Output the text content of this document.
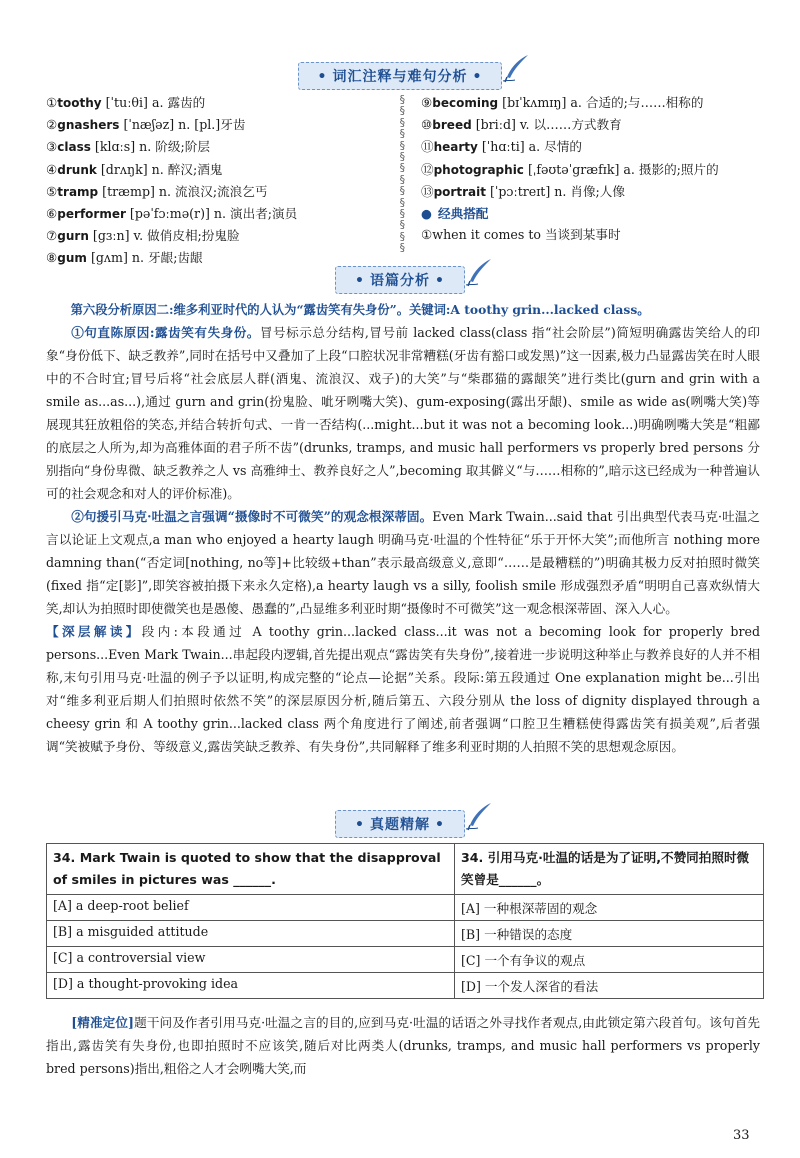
• 词汇注释与难句分析 •
①toothy [ˈtuːθi] a. 露齿的
②gnashers [ˈnæʃəz] n. [pl.]牙齿
③class [klɑːs] n. 阶级;阶层
④drunk [drʌŋk] n. 醉汉;酒鬼
⑤tramp [træmp] n. 流浪汉;流浪乞丐
⑥performer [pəˈfɔːmə(r)] n. 演出者;演员
⑦gurn [gɜːn] v. 做俏皮相;扮鬼脸
⑧gum [gʌm] n. 牙龈;齿龈
§
§
§
§
§
§
§
§
§
§
§
§
§
§
⑨becoming [bɪˈkʌmɪŋ] a. 合适的;与……相称的
⑩breed [briːd] v. 以……方式教育
⑪hearty [ˈhɑːti] a. 尽情的
⑫photographic [ˌfəʊtəˈgræfɪk] a. 摄影的;照片的
⑬portrait [ˈpɔːtreɪt] n. 肖像;人像
● 经典搭配
①when it comes to 当谈到某事时
• 语篇分析 •

第六段分析原因二:维多利亚时代的人认为“露齿笑有失身份”。关键词:A toothy grin...lacked class。

①句直陈原因:露齿笑有失身份。冒号标示总分结构,冒号前 lacked class(class 指“社会阶层”)简短明确露齿笑给人的印象“身份低下、缺乏教养”,同时在括号中又叠加了上段“口腔状况非常糟糕(牙齿有豁口或发黑)”这一因素,极力凸显露齿笑在时人眼中的不合时宜;冒号后将“社会底层人群(酒鬼、流浪汉、戏子)的大笑”与“柴郡猫的露龈笑”进行类比(gurn and grin with a smile as...as...),通过 gurn and grin(扮鬼脸、呲牙咧嘴大笑)、gum-exposing(露出牙龈)、smile as wide as(咧嘴大笑)等展现其狂放粗俗的笑态,并结合转折句式、一肯一否结构(...might...but it was not a becoming look...)明确咧嘴大笑是“粗鄙的底层之人所为,却为高雅体面的君子所不齿”(drunks, tramps, and music hall performers vs properly bred persons 分别指向“身份卑微、缺乏教养之人 vs 高雅绅士、教养良好之人”,becoming 取其僻义“与……相称的”,暗示这已经成为一种普遍认可的社会观念和对人的评价标准)。

②句援引马克·吐温之言强调“摄像时不可微笑”的观念根深蒂固。Even Mark Twain...said that 引出典型代表马克·吐温之言以论证上文观点,a man who enjoyed a hearty laugh 明确马克·吐温的个性特征“乐于开怀大笑”;而他所言 nothing more damning than(“否定词[nothing, no等]+比较级+than”表示最高级意义,意即“……是最糟糕的”)明确其极力反对拍照时微笑(fixed 指“定[影]”,即笑容被拍摄下来永久定格),a hearty laugh vs a silly, foolish smile 形成强烈矛盾“明明自己喜欢纵情大笑,却认为拍照时即使微笑也是愚傻、愚蠢的”,凸显维多利亚时期“摄像时不可微笑”这一观念根深蒂固、深入人心。

【深层解读】段内:本段通过 A toothy grin...lacked class...it was not a becoming look for properly bred persons...Even Mark Twain...串起段内逻辑,首先提出观点“露齿笑有失身份”,接着进一步说明这种举止与教养良好的人并不相称,末句引用马克·吐温的例子予以证明,构成完整的“论点—论据”关系。段际:第五段通过 One explanation might be...引出对“维多利亚后期人们拍照时依然不笑”的深层原因分析,随后第五、六段分别从 the loss of dignity displayed through a cheesy grin 和 A toothy grin...lacked class 两个角度进行了阐述,前者强调“口腔卫生糟糕使得露齿笑有损美观”,后者强调“笑被赋予身份、等级意义,露齿笑缺乏教养、有失身份”,共同解释了维多利亚时期的人拍照不笑的思想观念原因。

• 真题精解 •
34. Mark Twain is quoted to show that the disapproval of smiles in pictures was ______.	34. 引用马克·吐温的话是为了证明,不赞同拍照时微笑曾是______。
[A] a deep-root belief	[A] 一种根深蒂固的观念
[B] a misguided attitude	[B] 一种错误的态度
[C] a controversial view	[C] 一个有争议的观点
[D] a thought-provoking idea	[D] 一个发人深省的看法

[精准定位]题干问及作者引用马克·吐温之言的目的,应到马克·吐温的话语之外寻找作者观点,由此锁定第六段首句。该句首先指出,露齿笑有失身份,也即拍照时不应该笑,随后对比两类人(drunks, tramps, and music hall performers vs properly bred persons)指出,粗俗之人才会咧嘴大笑,而

33
